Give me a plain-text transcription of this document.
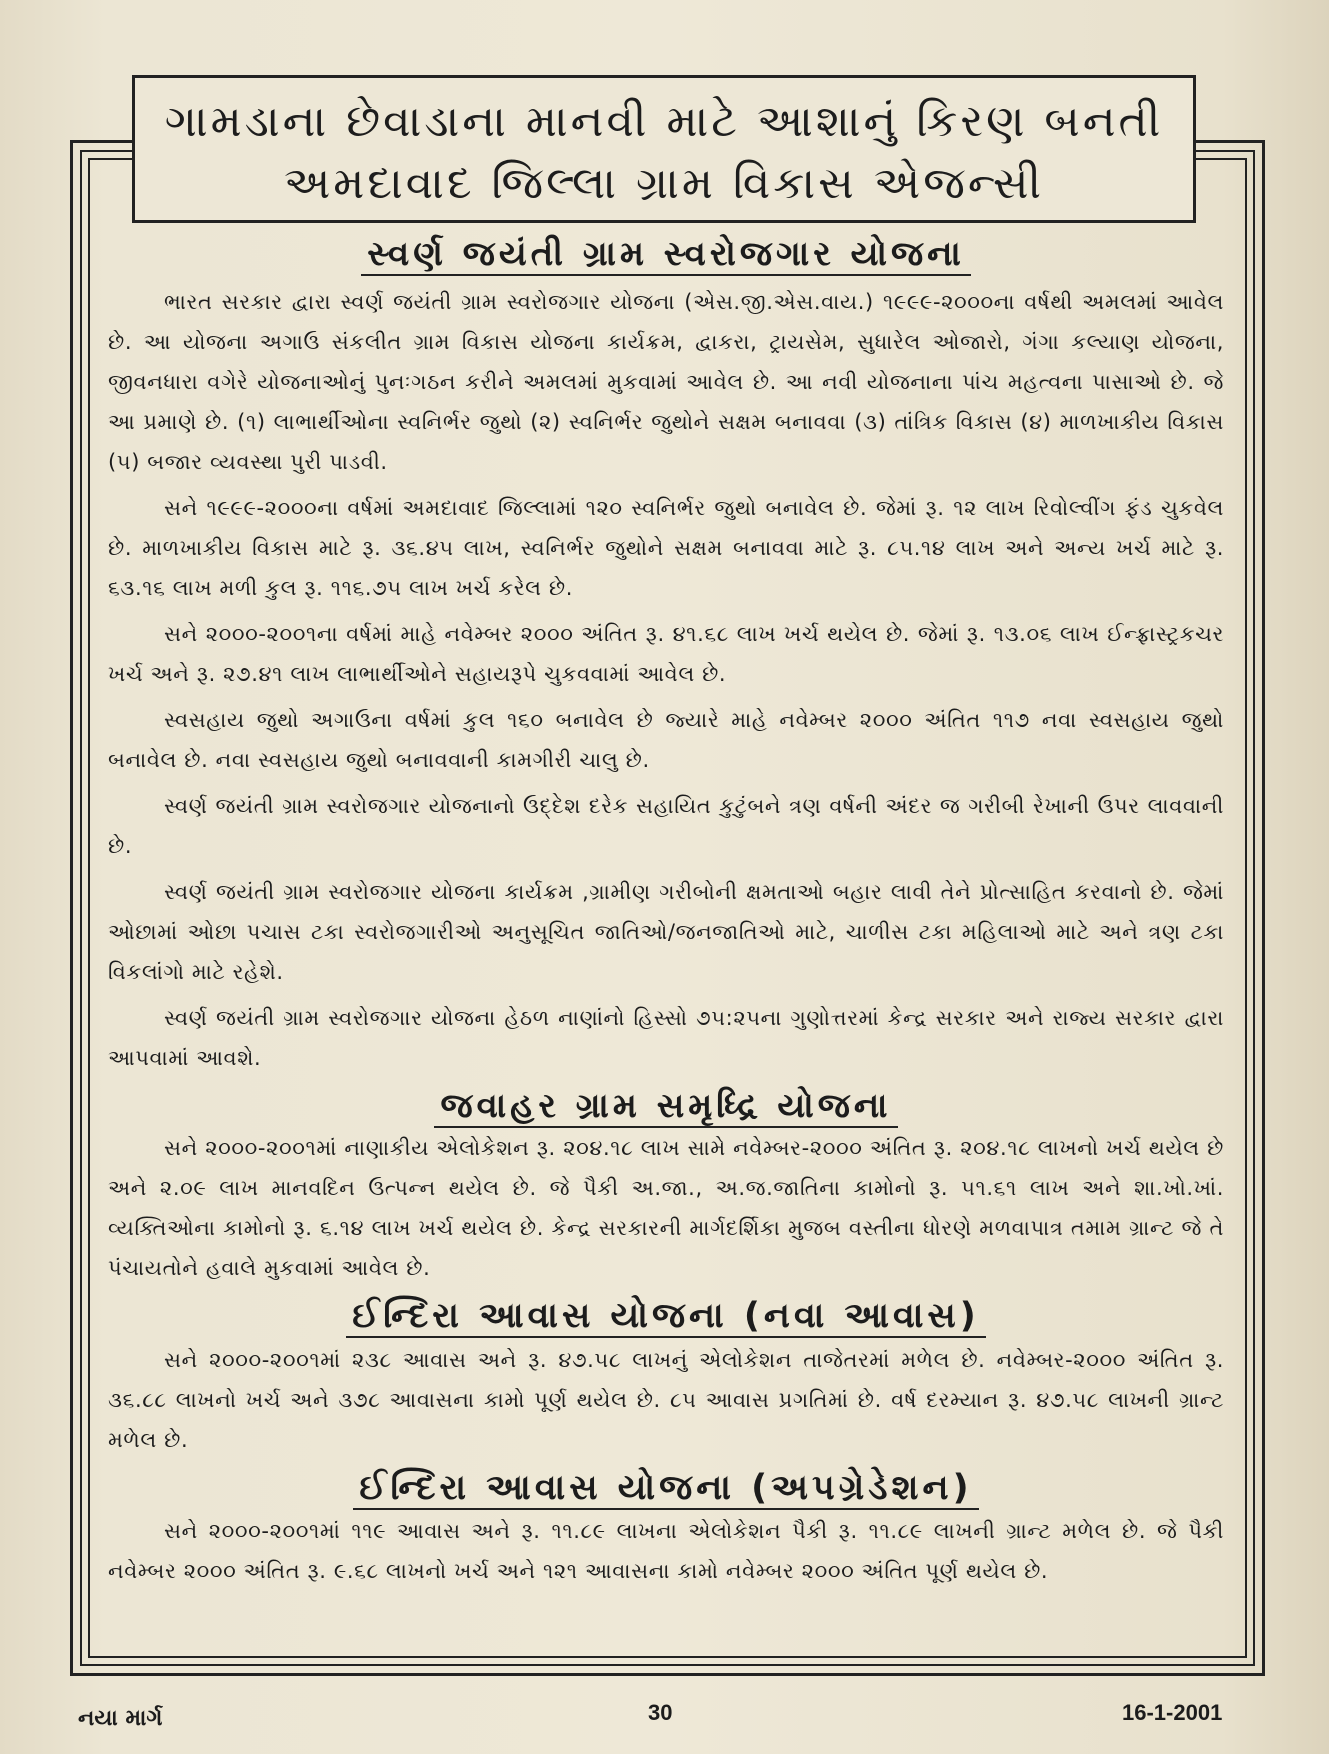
ગામડાના છેવાડાના માનવી માટે આશાનું કિરણ બનતી
અમદાવાદ જિલ્લા ગ્રામ વિકાસ એજન્સી
સ્વર્ણ જયંતી ગ્રામ સ્વરોજગાર યોજના

ભારત સરકાર દ્વારા સ્વર્ણ જયંતી ગ્રામ સ્વરોજગાર યોજના (એસ.જી.એસ.વાય.) ૧૯૯૯-૨૦૦૦ના વર્ષથી અમલમાં આવેલ છે. આ યોજના અગાઉ સંકલીત ગ્રામ વિકાસ યોજના કાર્યક્રમ, દ્વાકરા, ટ્રાયસેમ, સુધારેલ ઓજારો, ગંગા કલ્યાણ યોજના, જીવનધારા વગેરે યોજનાઓનું પુનઃગઠન કરીને અમલમાં મુકવામાં આવેલ છે. આ નવી યોજનાના પાંચ મહત્વના પાસાઓ છે. જે આ પ્રમાણે છે. (૧) લાભાર્થીઓના સ્વનિર્ભર જુથો (૨) સ્વનિર્ભર જુથોને સક્ષમ બનાવવા (૩) તાંત્રિક વિકાસ (૪) માળખાકીય વિકાસ (૫) બજાર વ્યવસ્થા પુરી પાડવી.

સને ૧૯૯૯-૨૦૦૦ના વર્ષમાં અમદાવાદ જિલ્લામાં ૧૨૦ સ્વનિર્ભર જુથો બનાવેલ છે. જેમાં રૂ. ૧૨ લાખ રિવોલ્વીંગ ફંડ ચુકવેલ છે. માળખાકીય વિકાસ માટે રૂ. ૩૬.૪૫ લાખ, સ્વનિર્ભર જુથોને સક્ષમ બનાવવા માટે રૂ. ૮૫.૧૪ લાખ અને અન્ય ખર્ચ માટે રૂ. ૬૩.૧૬ લાખ મળી કુલ રૂ. ૧૧૬.૭૫ લાખ ખર્ચ કરેલ છે.

સને ૨૦૦૦-૨૦૦૧ના વર્ષમાં માહે નવેમ્બર ૨૦૦૦ અંતિત રૂ. ૪૧.૬૮ લાખ ખર્ચ થયેલ છે. જેમાં રૂ. ૧૩.૦૬ લાખ ઈન્ફ્રાસ્ટ્રકચર ખર્ચ અને રૂ. ૨૭.૪૧ લાખ લાભાર્થીઓને સહાયરૂપે ચુકવવામાં આવેલ છે.

સ્વસહાય જુથો અગાઉના વર્ષમાં કુલ ૧૬૦ બનાવેલ છે જ્યારે માહે નવેમ્બર ૨૦૦૦ અંતિત ૧૧૭ નવા સ્વસહાય જુથો બનાવેલ છે. નવા સ્વસહાય જુથો બનાવવાની કામગીરી ચાલુ છે.

સ્વર્ણ જયંતી ગ્રામ સ્વરોજગાર યોજનાનો ઉદ્દેશ દરેક સહાયિત કુટુંબને ત્રણ વર્ષની અંદર જ ગરીબી રેખાની ઉપર લાવવાની છે.

સ્વર્ણ જયંતી ગ્રામ સ્વરોજગાર યોજના કાર્યક્રમ ,ગ્રામીણ ગરીબોની ક્ષમતાઓ બહાર લાવી તેને પ્રોત્સાહિત કરવાનો છે. જેમાં ઓછામાં ઓછા પચાસ ટકા સ્વરોજગારીઓ અનુસૂચિત જાતિઓ/જનજાતિઓ માટે, ચાળીસ ટકા મહિલાઓ માટે અને ત્રણ ટકા વિકલાંગો માટે રહેશે.

સ્વર્ણ જયંતી ગ્રામ સ્વરોજગાર યોજના હેઠળ નાણાંનો હિસ્સો ૭૫:૨૫ના ગુણોત્તરમાં કેન્દ્ર સરકાર અને રાજ્ય સરકાર દ્વારા આપવામાં આવશે.

જવાહર ગ્રામ સમૃધ્દ્રિ યોજના

સને ૨૦૦૦-૨૦૦૧માં નાણાકીય એલોકેશન રૂ. ૨૦૪.૧૮ લાખ સામે નવેમ્બર-૨૦૦૦ અંતિત રૂ. ૨૦૪.૧૮ લાખનો ખર્ચ થયેલ છે અને ૨.૦૯ લાખ માનવદિન ઉત્પન્ન થયેલ છે. જે પૈકી અ.જા., અ.જ.જાતિના કામોનો રૂ. ૫૧.૬૧ લાખ અને શા.ખો.ખાં. વ્યક્તિઓના કામોનો રૂ. ૬.૧૪ લાખ ખર્ચ થયેલ છે. કેન્દ્ર સરકારની માર્ગદર્શિકા મુજબ વસ્તીના ધોરણે મળવાપાત્ર તમામ ગ્રાન્ટ જે તે પંચાયતોને હવાલે મુકવામાં આવેલ છે.

ઈન્દિરા આવાસ યોજના (નવા આવાસ)

સને ૨૦૦૦-૨૦૦૧માં ૨૩૮ આવાસ અને રૂ. ૪૭.૫૮ લાખનું એલોકેશન તાજેતરમાં મળેલ છે. નવેમ્બર-૨૦૦૦ અંતિત રૂ. ૩૬.૮૮ લાખનો ખર્ચ અને ૩૭૮ આવાસના કામો પૂર્ણ થયેલ છે. ૮૫ આવાસ પ્રગતિમાં છે. વર્ષ દરમ્યાન રૂ. ૪૭.૫૮ લાખની ગ્રાન્ટ મળેલ છે.

ઈન્દિરા આવાસ યોજના (અપગ્રેડેશન)

સને ૨૦૦૦-૨૦૦૧માં ૧૧૯ આવાસ અને રૂ. ૧૧.૮૯ લાખના એલોકેશન પૈકી રૂ. ૧૧.૮૯ લાખની ગ્રાન્ટ મળેલ છે. જે પૈકી નવેમ્બર ૨૦૦૦ અંતિત રૂ. ૯.૬૮ લાખનો ખર્ચ અને ૧૨૧ આવાસના કામો નવેમ્બર ૨૦૦૦ અંતિત પૂર્ણ થયેલ છે.

નયા માર્ગ	30	16-1-2001
